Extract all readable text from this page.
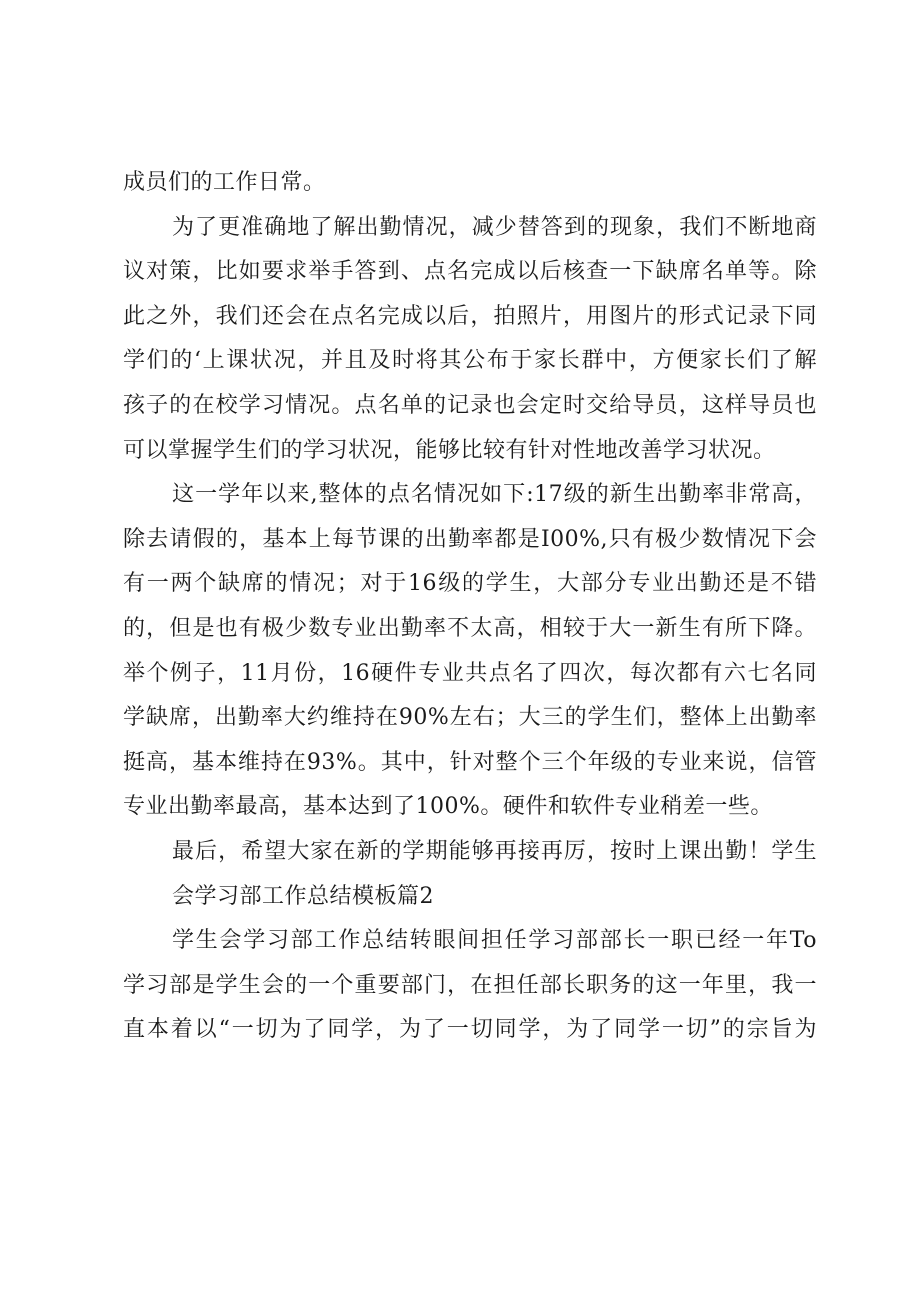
成员们的工作日常。
为了更准确地了解出勤情况，减少替答到的现象，我们不断地商
议对策，比如要求举手答到、点名完成以后核查一下缺席名单等。除
此之外，我们还会在点名完成以后，拍照片，用图片的形式记录下同
学们的‘上课状况，并且及时将其公布于家长群中，方便家长们了解
孩子的在校学习情况。点名单的记录也会定时交给导员，这样导员也
可以掌握学生们的学习状况，能够比较有针对性地改善学习状况。
这一学年以来,整体的点名情况如下:17级的新生出勤率非常高，
除去请假的，基本上每节课的出勤率都是I00%,只有极少数情况下会
有一两个缺席的情况；对于16级的学生，大部分专业出勤还是不错
的，但是也有极少数专业出勤率不太高，相较于大一新生有所下降。
举个例子，11月份，16硬件专业共点名了四次，每次都有六七名同
学缺席，出勤率大约维持在90%左右；大三的学生们，整体上出勤率
挺高，基本维持在93%。其中，针对整个三个年级的专业来说，信管
专业出勤率最高，基本达到了100%。硬件和软件专业稍差一些。
最后，希望大家在新的学期能够再接再厉，按时上课出勤！学生
会学习部工作总结模板篇2
学生会学习部工作总结转眼间担任学习部部长一职已经一年To
学习部是学生会的一个重要部门，在担任部长职务的这一年里，我一
直本着以“一切为了同学，为了一切同学，为了同学一切”的宗旨为
